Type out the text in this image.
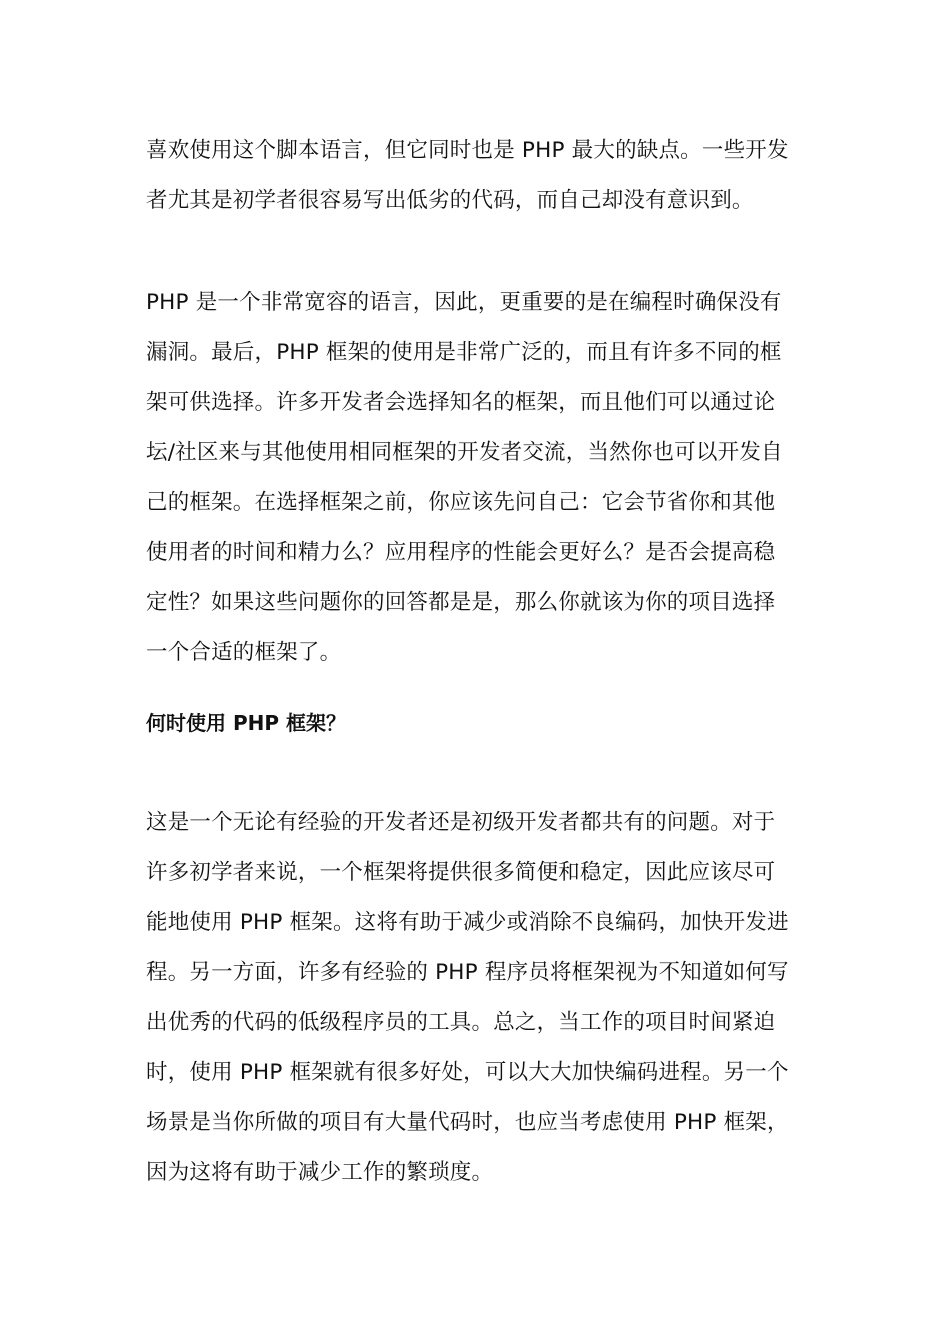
喜欢使用这个脚本语言，但它同时也是 PHP 最大的缺点。一些开发
者尤其是初学者很容易写出低劣的代码，而自己却没有意识到。
PHP 是一个非常宽容的语言，因此，更重要的是在编程时确保没有
漏洞。最后，PHP 框架的使用是非常广泛的，而且有许多不同的框
架可供选择。许多开发者会选择知名的框架，而且他们可以通过论
坛/社区来与其他使用相同框架的开发者交流，当然你也可以开发自
己的框架。在选择框架之前，你应该先问自己：它会节省你和其他
使用者的时间和精力么？应用程序的性能会更好么？是否会提高稳
定性？如果这些问题你的回答都是是，那么你就该为你的项目选择
一个合适的框架了。
何时使用 PHP 框架？
这是一个无论有经验的开发者还是初级开发者都共有的问题。对于
许多初学者来说，一个框架将提供很多简便和稳定，因此应该尽可
能地使用 PHP 框架。这将有助于减少或消除不良编码，加快开发进
程。另一方面，许多有经验的 PHP 程序员将框架视为不知道如何写
出优秀的代码的低级程序员的工具。总之，当工作的项目时间紧迫
时，使用 PHP 框架就有很多好处，可以大大加快编码进程。另一个
场景是当你所做的项目有大量代码时，也应当考虑使用 PHP 框架，
因为这将有助于减少工作的繁琐度。
